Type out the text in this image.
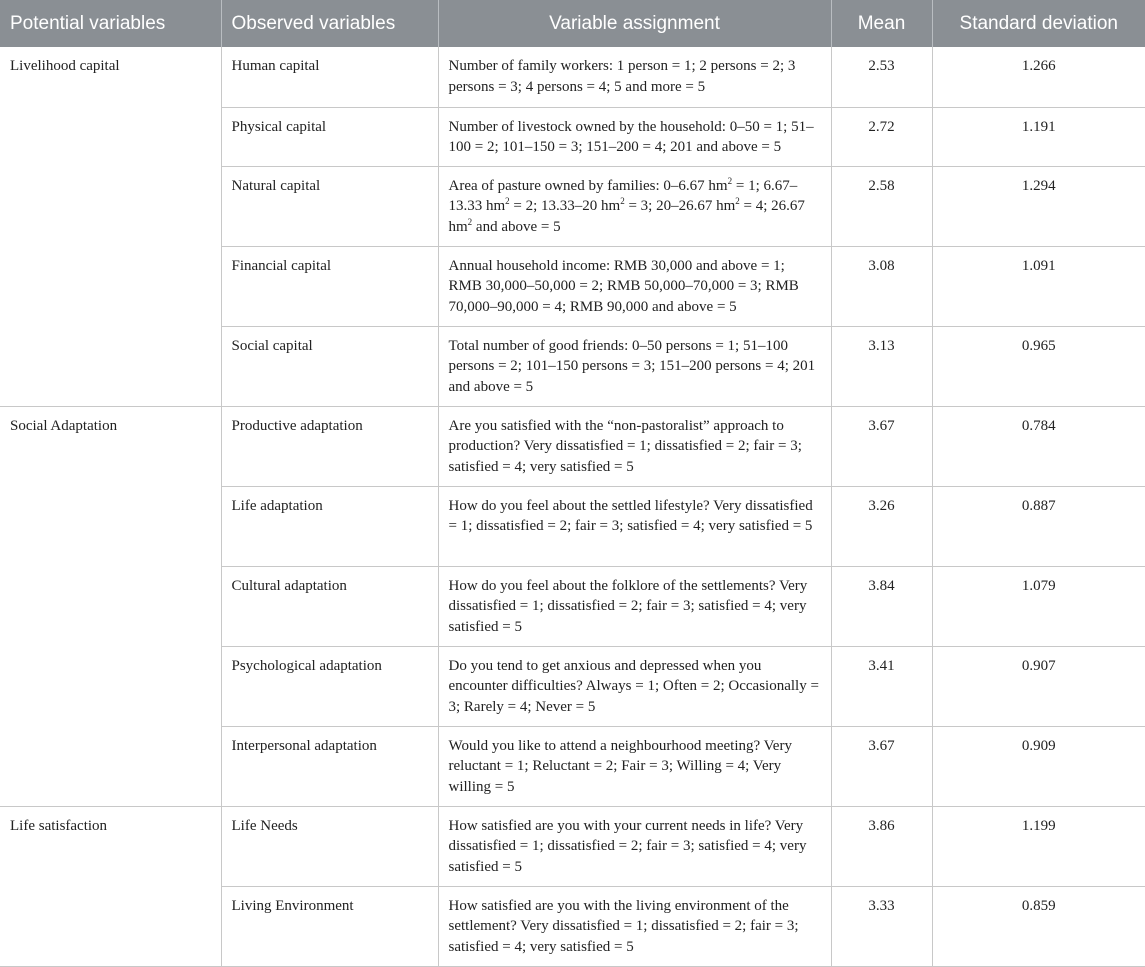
Potential variables	Observed variables	Variable assignment	Mean	Standard deviation
Livelihood capital	Human capital	Number of family workers: 1 person = 1; 2 persons = 2; 3 persons = 3; 4 persons = 4; 5 and more = 5	2.53	1.266
	Physical capital	Number of livestock owned by the household: 0–50 = 1; 51–100 = 2; 101–150 = 3; 151–200 = 4; 201 and above = 5	2.72	1.191
	Natural capital	Area of pasture owned by families: 0–6.67 $hm^2 = 1$; 6.67–13.33 $hm^2 = 2$; 13.33–20 $hm^2 = 3$; 20–26.67 $hm^2 = 4$; 26.67 $hm^2$ and above = 5	2.58	1.294
	Financial capital	Annual household income: RMB 30,000 and above = 1; RMB 30,000–50,000 = 2; RMB 50,000–70,000 = 3; RMB 70,000–90,000 = 4; RMB 90,000 and above = 5	3.08	1.091
	Social capital	Total number of good friends: 0–50 persons = 1; 51–100 persons = 2; 101–150 persons = 3; 151–200 persons = 4; 201 and above = 5	3.13	0.965
Social Adaptation	Productive adaptation	Are you satisfied with the “non-pastoralist” approach to production? Very dissatisfied = 1; dissatisfied = 2; fair = 3; satisfied = 4; very satisfied = 5	3.67	0.784
	Life adaptation	How do you feel about the settled lifestyle? Very dissatisfied = 1; dissatisfied = 2; fair = 3; satisfied = 4; very satisfied = 5	3.26	0.887
	Cultural adaptation	How do you feel about the folklore of the settlements? Very dissatisfied = 1; dissatisfied = 2; fair = 3; satisfied = 4; very satisfied = 5	3.84	1.079
	Psychological adaptation	Do you tend to get anxious and depressed when you encounter difficulties? Always = 1; Often = 2; Occasionally = 3; Rarely = 4; Never = 5	3.41	0.907
	Interpersonal adaptation	Would you like to attend a neighbourhood meeting? Very reluctant = 1; Reluctant = 2; Fair = 3; Willing = 4; Very willing = 5	3.67	0.909
Life satisfaction	Life Needs	How satisfied are you with your current needs in life? Very dissatisfied = 1; dissatisfied = 2; fair = 3; satisfied = 4; very satisfied = 5	3.86	1.199
	Living Environment	How satisfied are you with the living environment of the settlement? Very dissatisfied = 1; dissatisfied = 2; fair = 3; satisfied = 4; very satisfied = 5	3.33	0.859
